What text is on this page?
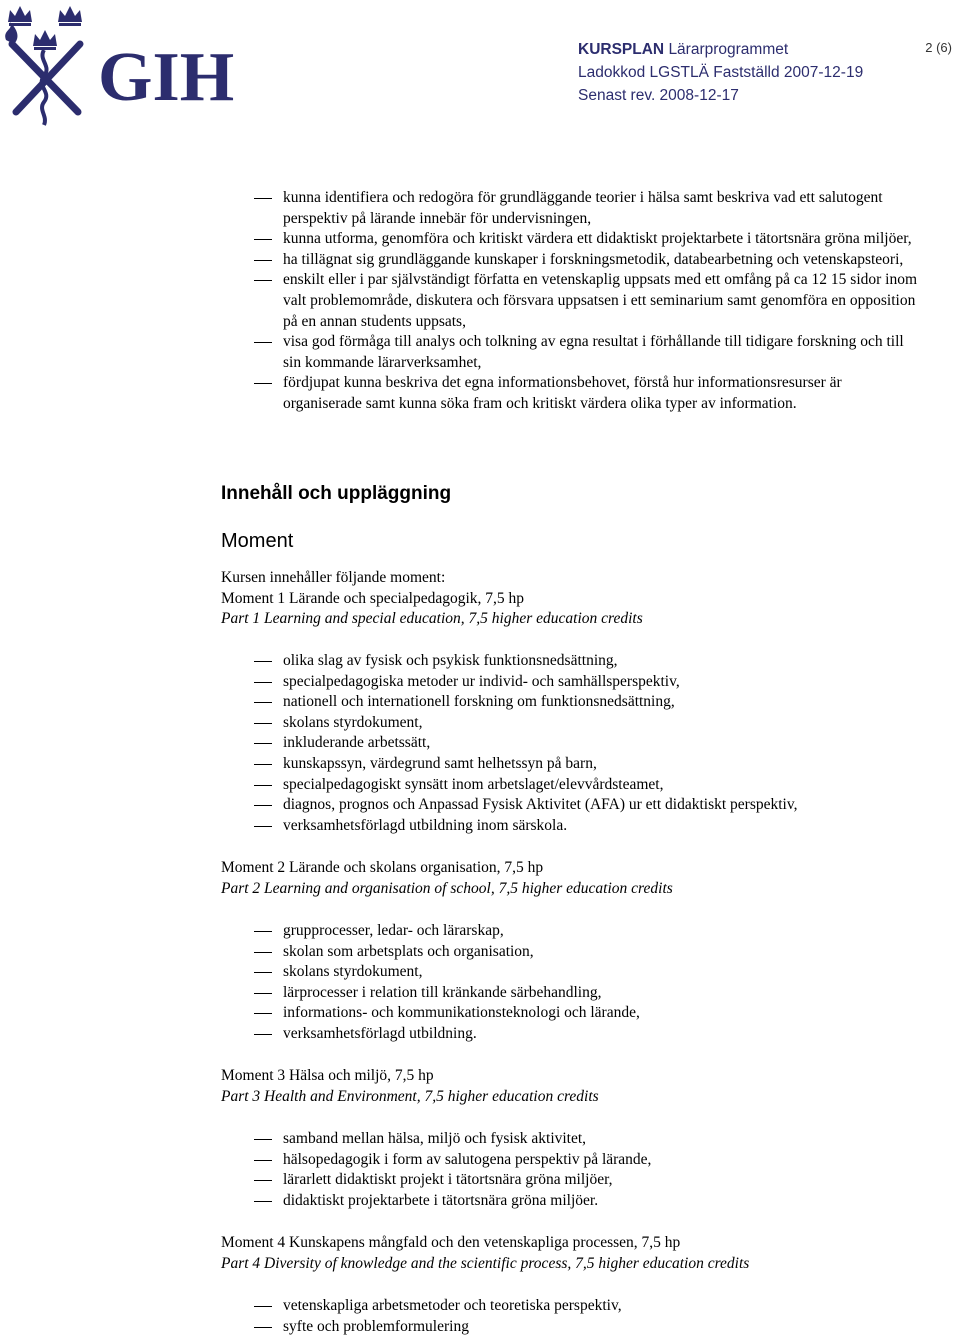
GIH	KURSPLAN Lärarprogrammet
Ladokkod LGSTLÄ Fastställd 2007-12-19
Senast rev. 2008-12-17
2 (6)
kunna identifiera och redogöra för grundläggande teorier i hälsa samt beskriva vad ett salutogent perspektiv på lärande innebär för undervisningen,
kunna utforma, genomföra och kritiskt värdera ett didaktiskt projektarbete i tätortsnära gröna miljöer,
ha tillägnat sig grundläggande kunskaper i forskningsmetodik, databearbetning och vetenskapsteori,
enskilt eller i par självständigt författa en vetenskaplig uppsats med ett omfång på ca 12 15 sidor inom valt problemområde, diskutera och försvara uppsatsen i ett seminarium samt genomföra en opposition på en annan students uppsats,
visa god förmåga till analys och tolkning av egna resultat i förhållande till tidigare forskning och till sin kommande lärarverksamhet,
fördjupat kunna beskriva det egna informationsbehovet, förstå hur informationsresurser är organiserade samt kunna söka fram och kritiskt värdera olika typer av information.
Innehåll och uppläggning
Moment
Kursen innehåller följande moment:
Moment 1 Lärande och specialpedagogik, 7,5 hp
Part 1 Learning and special education, 7,5 higher education credits
olika slag av fysisk och psykisk funktionsnedsättning,
specialpedagogiska metoder ur individ- och samhällsperspektiv,
nationell och internationell forskning om funktionsnedsättning,
skolans styrdokument,
inkluderande arbetssätt,
kunskapssyn, värdegrund samt helhetssyn på barn,
specialpedagogiskt synsätt inom arbetslaget/elevvårdsteamet,
diagnos, prognos och Anpassad Fysisk Aktivitet (AFA) ur ett didaktiskt perspektiv,
verksamhetsförlagd utbildning inom särskola.
Moment 2 Lärande och skolans organisation, 7,5 hp
Part 2 Learning and organisation of school, 7,5 higher education credits
grupprocesser, ledar- och lärarskap,
skolan som arbetsplats och organisation,
skolans styrdokument,
lärprocesser i relation till kränkande särbehandling,
informations- och kommunikationsteknologi och lärande,
verksamhetsförlagd utbildning.
Moment 3 Hälsa och miljö, 7,5 hp
Part 3 Health and Environment, 7,5 higher education credits
samband mellan hälsa, miljö och fysisk aktivitet,
hälsopedagogik i form av salutogena perspektiv på lärande,
lärarlett didaktiskt projekt i tätortsnära gröna miljöer,
didaktiskt projektarbete i tätortsnära gröna miljöer.
Moment 4 Kunskapens mångfald och den vetenskapliga processen, 7,5 hp
Part 4 Diversity of knowledge and the scientific process, 7,5 higher education credits
vetenskapliga arbetsmetoder och teoretiska perspektiv,
syfte och problemformulering
